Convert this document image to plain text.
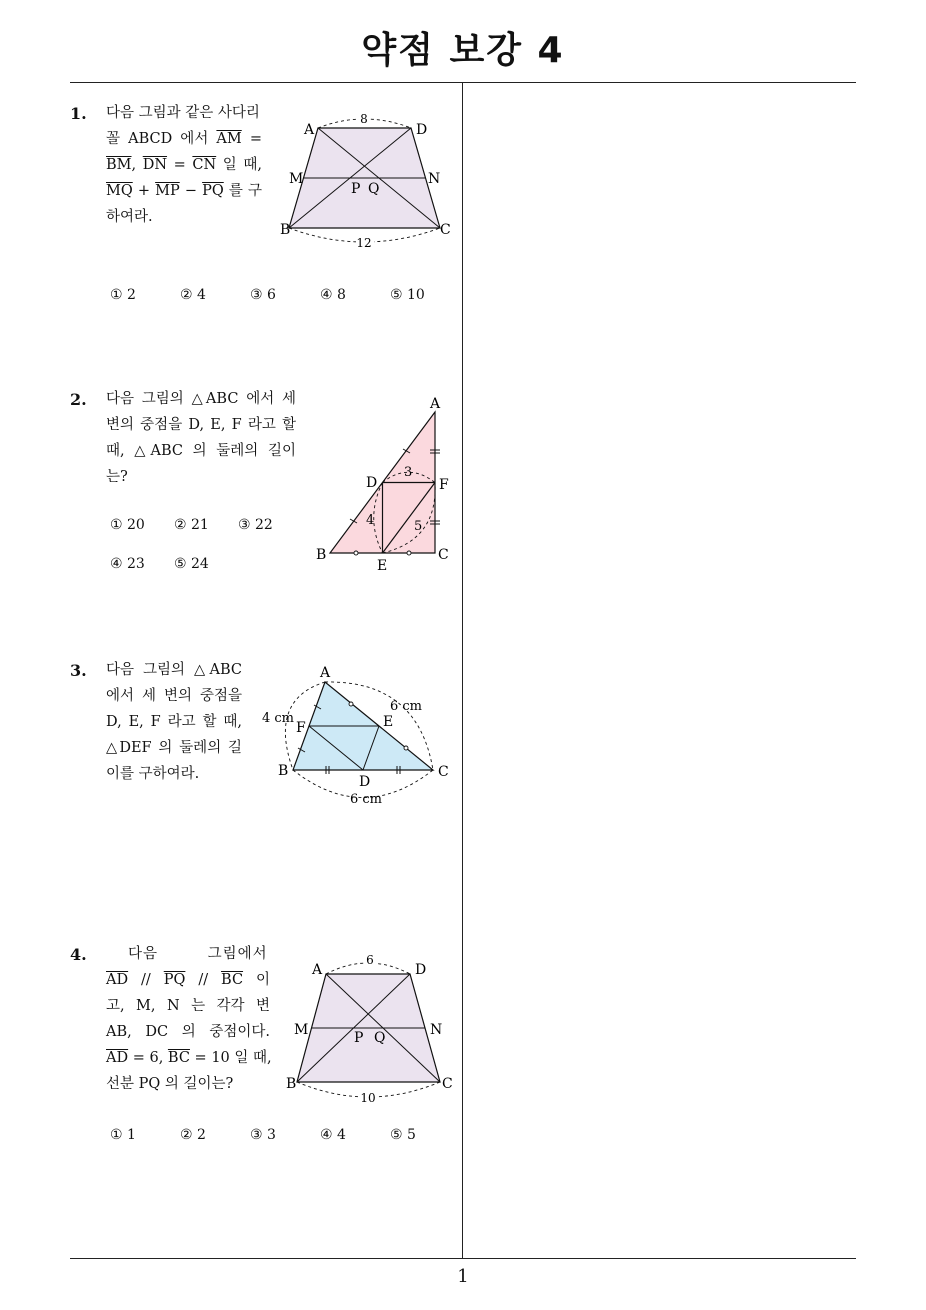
약점 보강 4
1
1. 다음 그림과 같은 사다리
꼴 ABCD 에서 $\overline{AM}$ =
$\overline{BM}$, $\overline{DN} = \overline{CN}$ 일 때,
$\overline{MQ} + \overline{MP} - \overline{PQ}$ 를 구
하여라.
8
12
A	D
B	C
M	N
P Q
① 2	② 4	③ 6	④ 8	⑤ 10
2. 다음 그림의 △ABC 에서 세
변의 중점을 D, E, F 라고 할
때, △ABC 의 둘레의 길이
는?	3
4	5
A
B	C
D
E
F
① 20 ② 21 ③ 22
④ 23 ⑤ 24
3. 다음 그림의 △ABC
에서 세 변의 중점을
D, E, F 라고 할 때,
△DEF 의 둘레의 길
이를 구하여라.
4 cm
6 cm
6 cm
A
B	C
D
E
F
4.	다음 그림에서
$\overline{AD} // \overline{PQ} // \overline{BC}$ 이
고, M, N 는 각각 변
AB, DC 의 중점이다.
$\overline{AD} = 6$, $\overline{BC} = 10$ 일 때,
선분 PQ 의 길이는?
6
10
A	D
B	C
M	N
P Q
① 1	② 2	③ 3	④ 4	⑤ 5
